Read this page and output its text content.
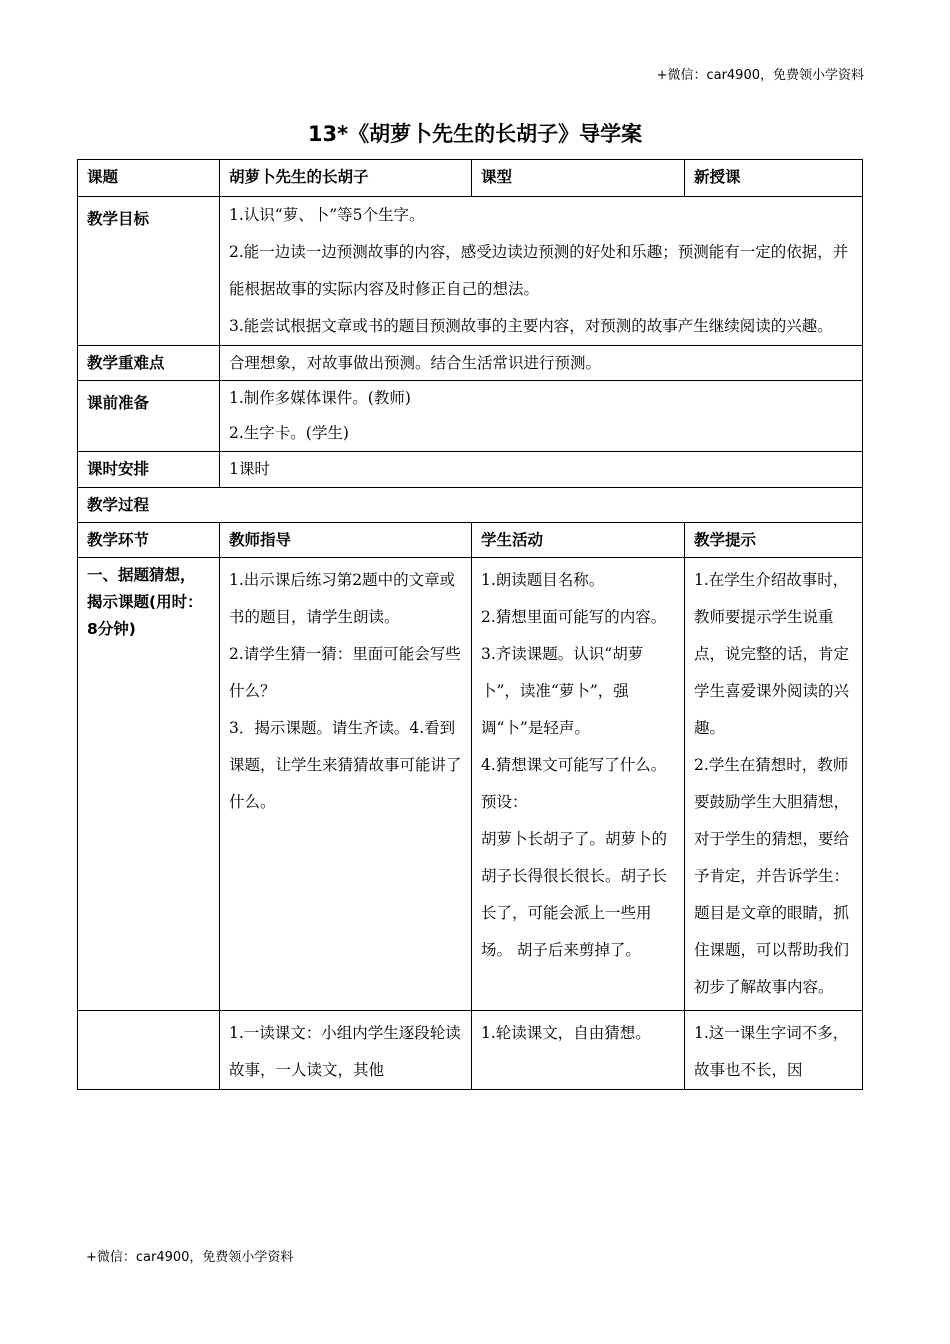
+微信：car4900，免费领小学资料
13*《胡萝卜先生的长胡子》导学案
课题	胡萝卜先生的长胡子	课型	新授课
教学目标	1.认识“萝、卜”等5个生字。
2.能一边读一边预测故事的内容，感受边读边预测的好处和乐趣；预测能有一定的依据，并能根据故事的实际内容及时修正自己的想法。
3.能尝试根据文章或书的题目预测故事的主要内容，对预测的故事产生继续阅读的兴趣。		

教学重难点	合理想象，对故事做出预测。结合生活常识进行预测。		
课前准备	1.制作多媒体课件。(教师)
2.生字卡。(学生)		

课时安排	1课时		
教学过程			
教学环节	教师指导	学生活动	教学提示
一、据题猜想，揭示课题(用时：8分钟)	1.出示课后练习第2题中的文章或书的题目，请学生朗读。
2.请学生猜一猜：里面可能会写些什么？
3．揭示课题。请生齐读。4.看到课题，让学生来猜猜故事可能讲了什么。	1.朗读题目名称。
2.猜想里面可能写的内容。
3.齐读课题。认识“胡萝卜”，读准“萝卜”，强调“卜”是轻声。
4.猜想课文可能写了什么。预设：
胡萝卜长胡子了。胡萝卜的胡子长得很长很长。胡子长长了，可能会派上一些用场。 胡子后来剪掉了。	1.在学生介绍故事时，教师要提示学生说重点，说完整的话，肯定学生喜爱课外阅读的兴趣。
2.学生在猜想时，教师要鼓励学生大胆猜想，对于学生的猜想，要给予肯定，并告诉学生：题目是文章的眼睛，抓住课题，可以帮助我们初步了解故事内容。

	1.一读课文：小组内学生逐段轮读故事，一人读文，其他	1.轮读课文，自由猜想。	1.这一课生字词不多，故事也不长，因
+微信：car4900，免费领小学资料
